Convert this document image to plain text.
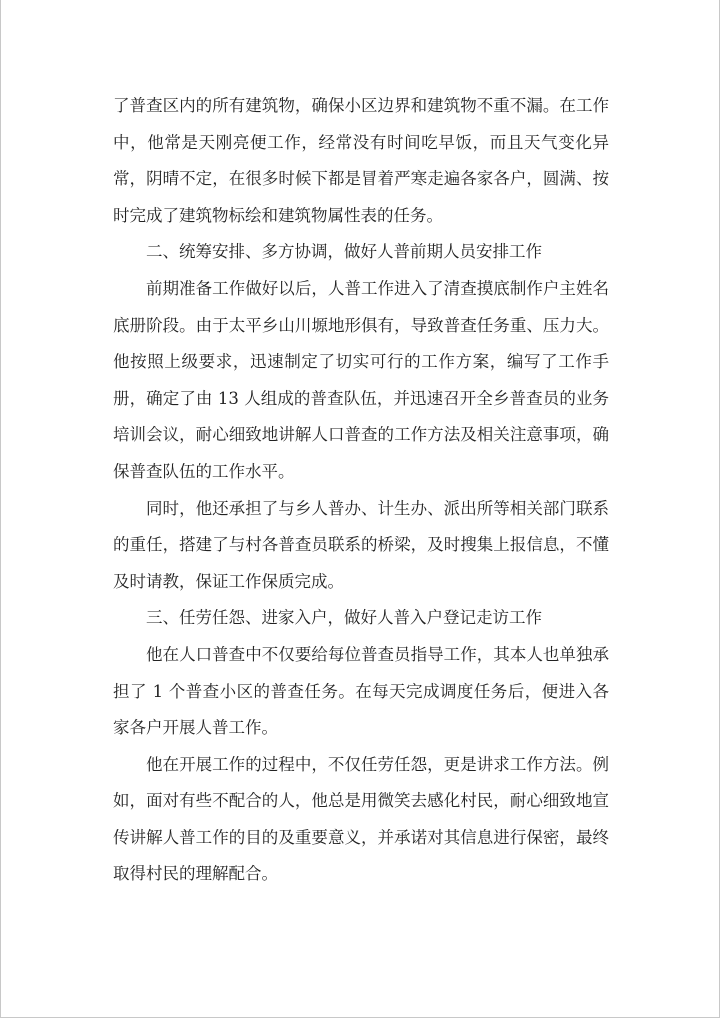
了普查区内的所有建筑物，确保小区边界和建筑物不重不漏。在工作中，他常是天刚亮便工作，经常没有时间吃早饭，而且天气变化异常，阴晴不定，在很多时候下都是冒着严寒走遍各家各户，圆满、按时完成了建筑物标绘和建筑物属性表的任务。

二、统筹安排、多方协调，做好人普前期人员安排工作

前期准备工作做好以后，人普工作进入了清查摸底制作户主姓名底册阶段。由于太平乡山川塬地形俱有，导致普查任务重、压力大。他按照上级要求，迅速制定了切实可行的工作方案，编写了工作手册，确定了由 13 人组成的普查队伍，并迅速召开全乡普查员的业务培训会议，耐心细致地讲解人口普查的工作方法及相关注意事项，确保普查队伍的工作水平。

同时，他还承担了与乡人普办、计生办、派出所等相关部门联系的重任，搭建了与村各普查员联系的桥梁，及时搜集上报信息，不懂及时请教，保证工作保质完成。

三、任劳任怨、进家入户，做好人普入户登记走访工作

他在人口普查中不仅要给每位普查员指导工作，其本人也单独承担了 1 个普查小区的普查任务。在每天完成调度任务后，便进入各家各户开展人普工作。

他在开展工作的过程中，不仅任劳任怨，更是讲求工作方法。例如，面对有些不配合的人，他总是用微笑去感化村民，耐心细致地宣传讲解人普工作的目的及重要意义，并承诺对其信息进行保密，最终取得村民的理解配合。
